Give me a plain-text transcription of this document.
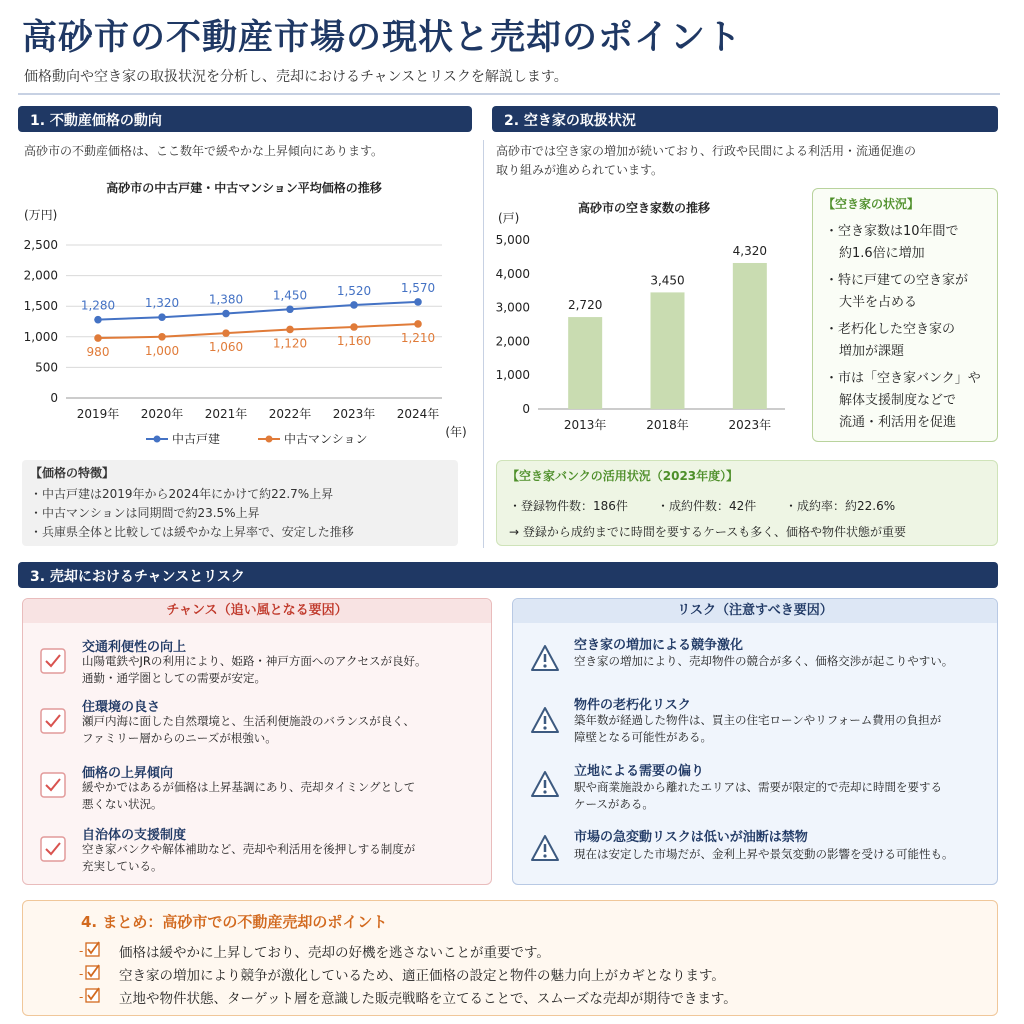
高砂市の不動産市場の現状と売却のポイント
価格動向や空き家の取扱状況を分析し、売却におけるチャンスとリスクを解説します。
1. 不動産価格の動向
高砂市の不動産価格は、ここ数年で緩やかな上昇傾向にあります。
高砂市の中古戸建・中古マンション平均価格の推移
(万円)
0
500
1,000
1,500
2,000
2,500
1,280 1,320 1,380 1,450 1,520 1,570
980	1,000 1,060 1,120 1,160 1,210
2019年 2020年 2021年 2022年 2023年 2024年
(年)
中古戸建	中古マンション
【価格の特徴】
・中古戸建は2019年から2024年にかけて約22.7%上昇
・中古マンションは同期間で約23.5%上昇
・兵庫県全体と比較しては緩やかな上昇率で、安定した推移
2. 空き家の取扱状況
高砂市では空き家の増加が続いており、行政や民間による利活用・流通促進の
取り組みが進められています。
高砂市の空き家数の推移
(戸)
0
1,000
2,000
3,000
4,000
5,000
2,720
2013年
3,450
2018年
4,320
2023年
【空き家の状況】
・空き家数は10年間で
約1.6倍に増加
・特に戸建ての空き家が
大半を占める
・老朽化した空き家の
増加が課題
・市は「空き家バンク」や
解体支援制度などで
流通・利活用を促進
【空き家バンクの活用状況（2023年度）】
・登録物件数：186件 ・成約件数：42件 ・成約率：約22.6%
→ 登録から成約までに時間を要するケースも多く、価格や物件状態が重要
3. 売却におけるチャンスとリスク
チャンス（追い風となる要因）	リスク（注意すべき要因）
交通利便性の向上
山陽電鉄やJRの利用により、姫路・神戸方面へのアクセスが良好。
通勤・通学圏としての需要が安定。
住環境の良さ
瀬戸内海に面した自然環境と、生活利便施設のバランスが良く、
ファミリー層からのニーズが根強い。
価格の上昇傾向
緩やかではあるが価格は上昇基調にあり、売却タイミングとして
悪くない状況。
自治体の支援制度
空き家バンクや解体補助など、売却や利活用を後押しする制度が
充実している。
空き家の増加による競争激化
空き家の増加により、売却物件の競合が多く、価格交渉が起こりやすい。
物件の老朽化リスク
築年数が経過した物件は、買主の住宅ローンやリフォーム費用の負担が
障壁となる可能性がある。
立地による需要の偏り
駅や商業施設から離れたエリアは、需要が限定的で売却に時間を要する
ケースがある。
市場の急変動リスクは低いが油断は禁物
現在は安定した市場だが、金利上昇や景気変動の影響を受ける可能性も。
4. まとめ：高砂市での不動産売却のポイント
-	価格は緩やかに上昇しており、売却の好機を逃さないことが重要です。
-	空き家の増加により競争が激化しているため、適正価格の設定と物件の魅力向上がカギとなります。
-	立地や物件状態、ターゲット層を意識した販売戦略を立てることで、スムーズな売却が期待できます。
